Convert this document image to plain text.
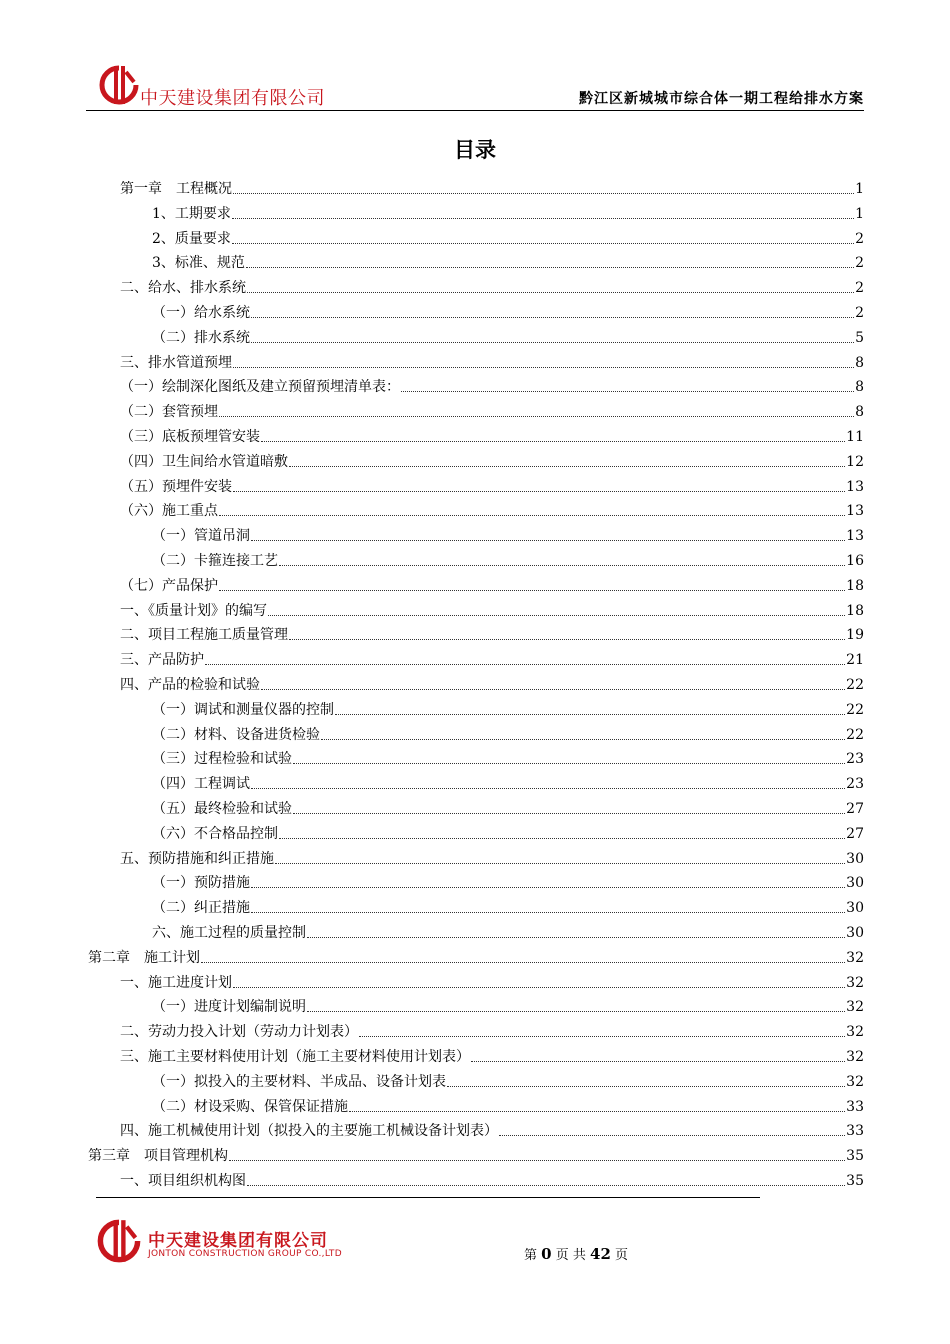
中天建设集团有限公司	黔江区新城城市综合体一期工程给排水方案
目录
第一章　工程概况	1
1、工期要求	1
2、质量要求	2
3、标准、规范	2
二、给水、排水系统	2
（一）给水系统	2
（二）排水系统	5
三、排水管道预埋	8
（一）绘制深化图纸及建立预留预埋清单表：	8
（二）套管预埋	8
（三）底板预埋管安装	11
（四）卫生间给水管道暗敷	12
（五）预埋件安装	13
（六）施工重点	13
（一）管道吊洞	13
（二）卡箍连接工艺	16
（七）产品保护	18
一、《质量计划》的编写	18
二、项目工程施工质量管理	19
三、产品防护	21
四、产品的检验和试验	22
（一）调试和测量仪器的控制	22
（二）材料、设备进货检验	22
（三）过程检验和试验	23
（四）工程调试	23
（五）最终检验和试验	27
（六）不合格品控制	27
五、预防措施和纠正措施	30
（一）预防措施	30
（二）纠正措施	30
六、施工过程的质量控制	30
第二章　施工计划	32
一、施工进度计划	32
（一）进度计划编制说明	32
二、劳动力投入计划（劳动力计划表）	32
三、施工主要材料使用计划（施工主要材料使用计划表）	32
（一）拟投入的主要材料、半成品、设备计划表	32
（二）材设采购、保管保证措施	33
四、施工机械使用计划（拟投入的主要施工机械设备计划表）	33
第三章　项目管理机构	35
一、项目组织机构图	35
中天建设集团有限公司
JONTON CONSTRUCTION GROUP CO.,LTD	第 0 页 共 42 页
